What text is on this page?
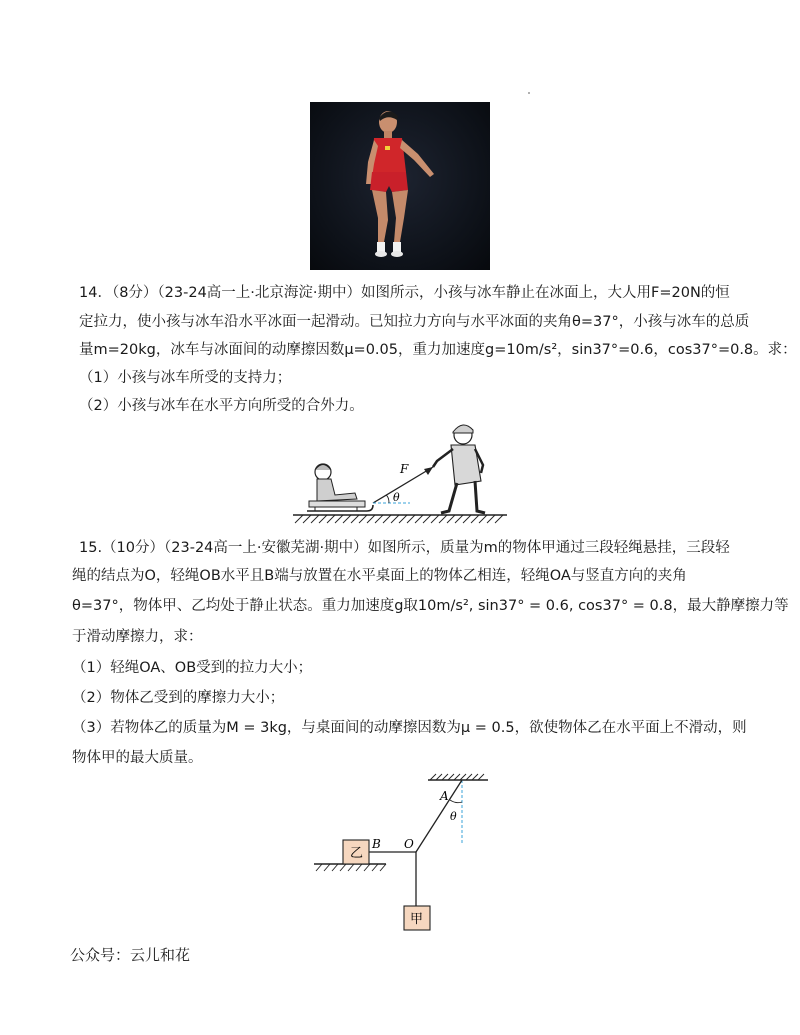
14．（8分）（23-24高一上·北京海淀·期中）如图所示，小孩与冰车静止在冰面上，大人用F=20N的恒
定拉力，使小孩与冰车沿水平冰面一起滑动。已知拉力方向与水平冰面的夹角θ=37°，小孩与冰车的总质
量m=20kg，冰车与冰面间的动摩擦因数μ=0.05，重力加速度g=10m/s²，sin37°=0.6，cos37°=0.8。求：
（1）小孩与冰车所受的支持力；
（2）小孩与冰车在水平方向所受的合外力。
θ
F
15.（10分）（23-24高一上·安徽芜湖·期中）如图所示，质量为m的物体甲通过三段轻绳悬挂，三段轻
绳的结点为O，轻绳OB水平且B端与放置在水平桌面上的物体乙相连，轻绳OA与竖直方向的夹角
θ=37°，物体甲、乙均处于静止状态。重力加速度g取10m/s², sin37° = 0.6, cos37° = 0.8，最大静摩擦力等
于滑动摩擦力，求：
（1）轻绳OA、OB受到的拉力大小；
（2）物体乙受到的摩擦力大小；
（3）若物体乙的质量为M = 3kg，与桌面间的动摩擦因数为μ = 0.5，欲使物体乙在水平面上不滑动，则
物体甲的最大质量。
θ
A
乙
B O
甲
公众号：云儿和花
